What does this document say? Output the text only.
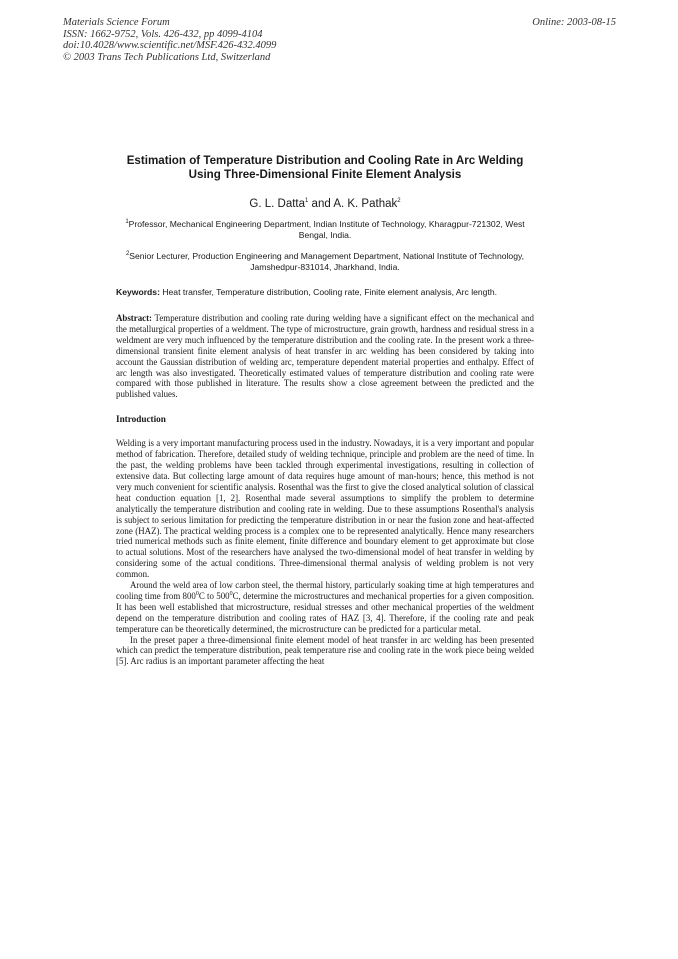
Materials Science Forum
ISSN: 1662-9752, Vols. 426-432, pp 4099-4104
doi:10.4028/www.scientific.net/MSF.426-432.4099
© 2003 Trans Tech Publications Ltd, Switzerland
Online: 2003-08-15
Estimation of Temperature Distribution and Cooling Rate in Arc Welding
Using Three-Dimensional Finite Element Analysis
G. L. Datta$^1$ and A. K. Pathak$^2$
$^1$Professor, Mechanical Engineering Department, Indian Institute of Technology, Kharagpur-721302, West Bengal, India.
$^2$Senior Lecturer, Production Engineering and Management Department, National Institute of Technology, Jamshedpur-831014, Jharkhand, India.
Keywords: Heat transfer, Temperature distribution, Cooling rate, Finite element analysis, Arc length.
Abstract: Temperature distribution and cooling rate during welding have a significant effect on the mechanical and the metallurgical properties of a weldment. The type of microstructure, grain growth, hardness and residual stress in a weldment are very much influenced by the temperature distribution and the cooling rate. In the present work a three-dimensional transient finite element analysis of heat transfer in arc welding has been considered by taking into account the Gaussian distribution of welding arc, temperature dependent material properties and enthalpy. Effect of arc length was also investigated. Theoretically estimated values of temperature distribution and cooling rate were compared with those published in literature. The results show a close agreement between the predicted and the published values.
Introduction

Welding is a very important manufacturing process used in the industry. Nowadays, it is a very important and popular method of fabrication. Therefore, detailed study of welding technique, principle and problem are the need of time. In the past, the welding problems have been tackled through experimental investigations, resulting in collection of extensive data. But collecting large amount of data requires huge amount of man-hours; hence, this method is not very much convenient for scientific analysis. Rosenthal was the first to give the closed analytical solution of classical heat conduction equation [1, 2]. Rosenthal made several assumptions to simplify the problem to determine analytically the temperature distribution and cooling rate in welding. Due to these assumptions Rosenthal's analysis is subject to serious limitation for predicting the temperature distribution in or near the fusion zone and heat-affected zone (HAZ). The practical welding process is a complex one to be represented analytically. Hence many researchers tried numerical methods such as finite element, finite difference and boundary element to get approximate but close to actual solutions. Most of the researchers have analysed the two-dimensional model of heat transfer in welding by considering some of the actual conditions. Three-dimensional thermal analysis of welding problem is not very common.

Around the weld area of low carbon steel, the thermal history, particularly soaking time at high temperatures and cooling time from $800^0C$ to $500^0C$, determine the microstructures and mechanical properties for a given composition. It has been well established that microstructure, residual stresses and other mechanical properties of the weldment depend on the temperature distribution and cooling rates of HAZ [3, 4]. Therefore, if the cooling rate and peak temperature can be theoretically determined, the microstructure can be predicted for a particular metal.

In the preset paper a three-dimensional finite element model of heat transfer in arc welding has been presented which can predict the temperature distribution, peak temperature rise and cooling rate in the work piece being welded [5]. Arc radius is an important parameter affecting the heat
